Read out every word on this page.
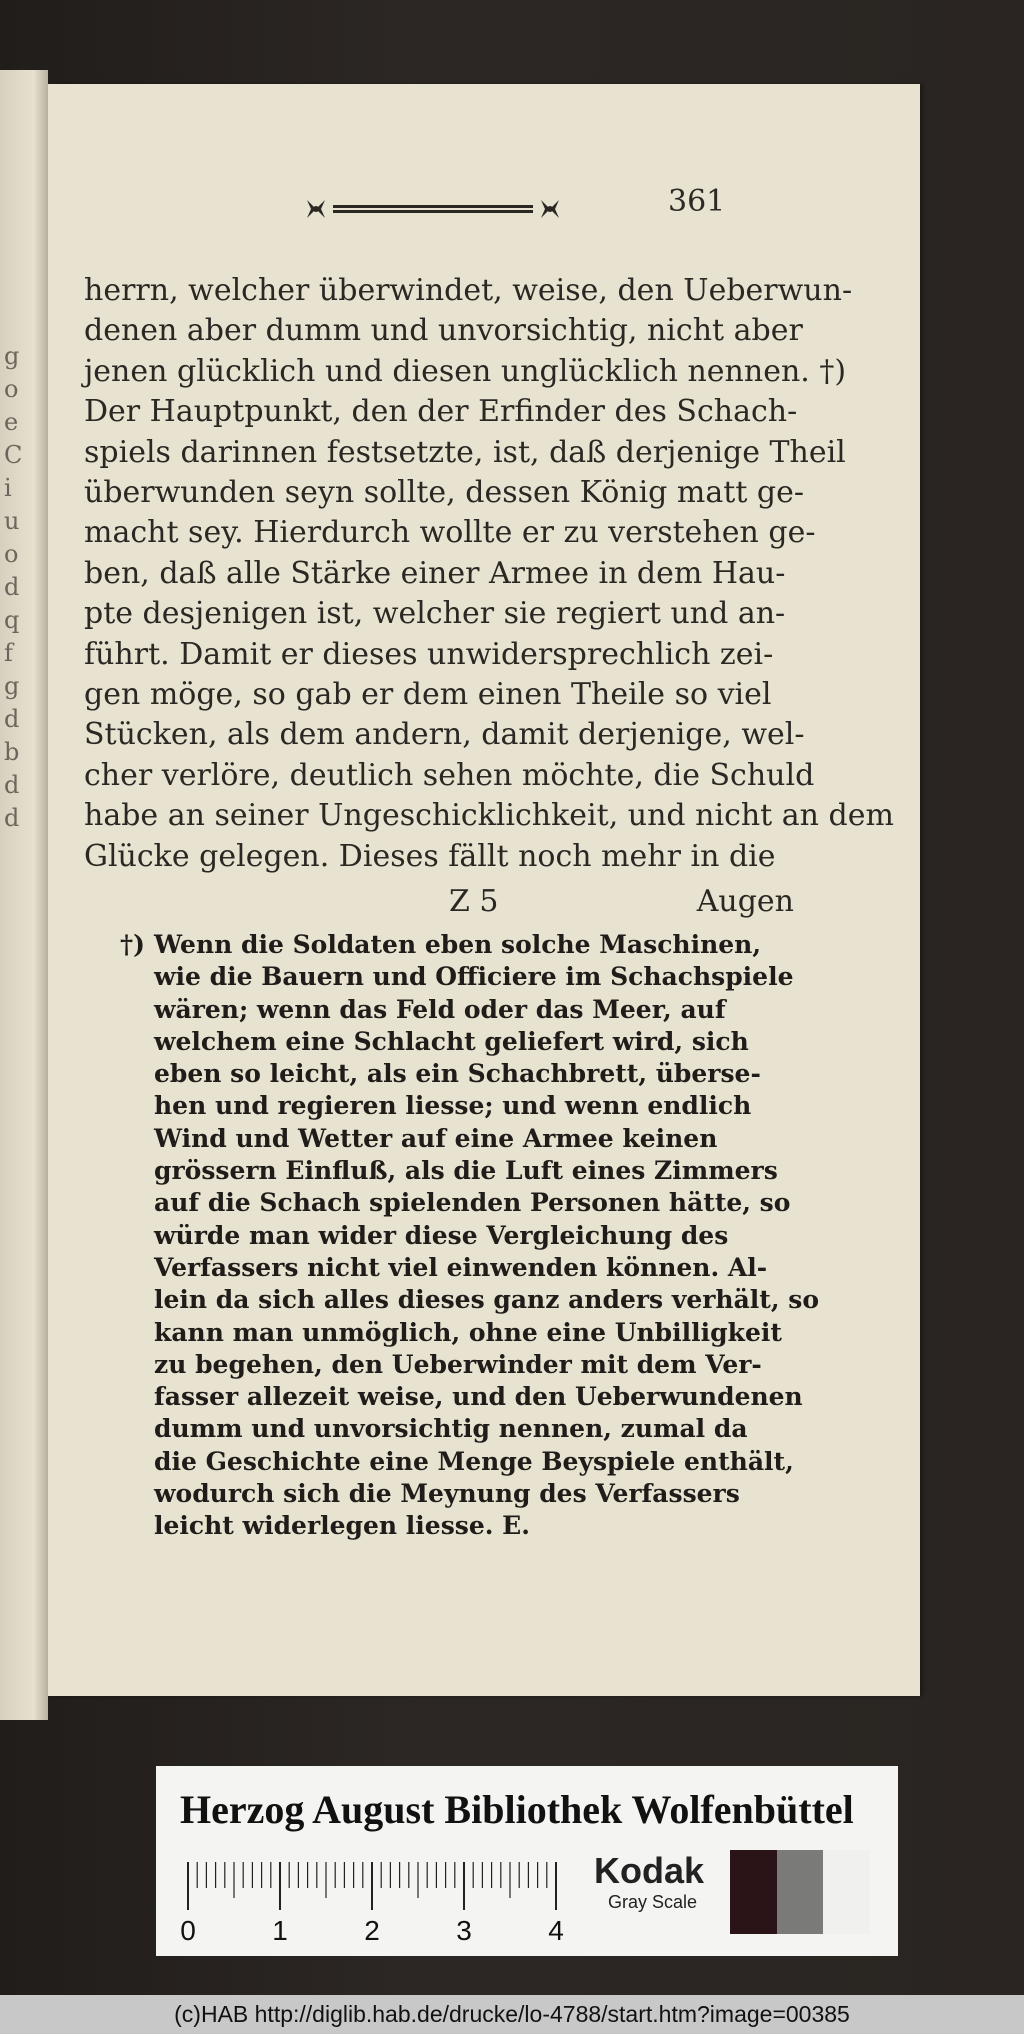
g
o
e
C
i
u
o
d
q
f
g
d
b
d
d
361
herrn, welcher überwindet, weise, den Ueberwun-
denen aber dumm und unvorsichtig, nicht aber
jenen glücklich und diesen unglücklich nennen. †)
Der Hauptpunkt, den der Erfinder des Schach-
spiels darinnen festsetzte, ist, daß derjenige Theil
überwunden seyn sollte, dessen König matt ge-
macht sey. Hierdurch wollte er zu verstehen ge-
ben, daß alle Stärke einer Armee in dem Hau-
pte desjenigen ist, welcher sie regiert und an-
führt. Damit er dieses unwidersprechlich zei-
gen möge, so gab er dem einen Theile so viel
Stücken, als dem andern, damit derjenige, wel-
cher verlöre, deutlich sehen möchte, die Schuld
habe an seiner Ungeschicklichkeit, und nicht an dem
Glücke gelegen. Dieses fällt noch mehr in die
Z 5	Augen
†) Wenn die Soldaten eben solche Maschinen,
wie die Bauern und Officiere im Schachspiele
wären; wenn das Feld oder das Meer, auf
welchem eine Schlacht geliefert wird, sich
eben so leicht, als ein Schachbrett, überse-
hen und regieren liesse; und wenn endlich
Wind und Wetter auf eine Armee keinen
grössern Einfluß, als die Luft eines Zimmers
auf die Schach spielenden Personen hätte, so
würde man wider diese Vergleichung des
Verfassers nicht viel einwenden können. Al-
lein da sich alles dieses ganz anders verhält, so
kann man unmöglich, ohne eine Unbilligkeit
zu begehen, den Ueberwinder mit dem Ver-
fasser allezeit weise, und den Ueberwundenen
dumm und unvorsichtig nennen, zumal da
die Geschichte eine Menge Beyspiele enthält,
wodurch sich die Meynung des Verfassers
leicht widerlegen liesse. E.
Herzog August Bibliothek Wolfenbüttel
0	1	2	3	4
Kodak
Gray Scale
(c)HAB http://diglib.hab.de/drucke/lo-4788/start.htm?image=00385
